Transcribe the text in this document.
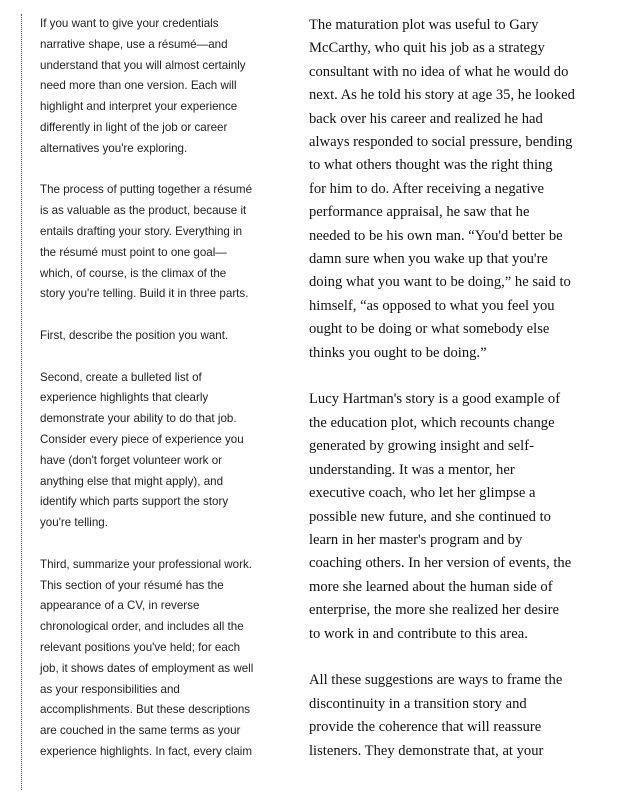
If you want to give your credentials
narrative shape, use a résumé—and
understand that you will almost certainly
need more than one version. Each will
highlight and interpret your experience
differently in light of the job or career
alternatives you're exploring.

The process of putting together a résumé
is as valuable as the product, because it
entails drafting your story. Everything in
the résumé must point to one goal—
which, of course, is the climax of the
story you're telling. Build it in three parts.

First, describe the position you want.

Second, create a bulleted list of
experience highlights that clearly
demonstrate your ability to do that job.
Consider every piece of experience you
have (don't forget volunteer work or
anything else that might apply), and
identify which parts support the story
you're telling.

Third, summarize your professional work.
This section of your résumé has the
appearance of a CV, in reverse
chronological order, and includes all the
relevant positions you've held; for each
job, it shows dates of employment as well
as your responsibilities and
accomplishments. But these descriptions
are couched in the same terms as your
experience highlights. In fact, every claim

The maturation plot was useful to Gary
McCarthy, who quit his job as a strategy
consultant with no idea of what he would do
next. As he told his story at age 35, he looked
back over his career and realized he had
always responded to social pressure, bending
to what others thought was the right thing
for him to do. After receiving a negative
performance appraisal, he saw that he
needed to be his own man. “You'd better be
damn sure when you wake up that you're
doing what you want to be doing,” he said to
himself, “as opposed to what you feel you
ought to be doing or what somebody else
thinks you ought to be doing.”

Lucy Hartman's story is a good example of
the education plot, which recounts change
generated by growing insight and self-
understanding. It was a mentor, her
executive coach, who let her glimpse a
possible new future, and she continued to
learn in her master's program and by
coaching others. In her version of events, the
more she learned about the human side of
enterprise, the more she realized her desire
to work in and contribute to this area.

All these suggestions are ways to frame the
discontinuity in a transition story and
provide the coherence that will reassure
listeners. They demonstrate that, at your
